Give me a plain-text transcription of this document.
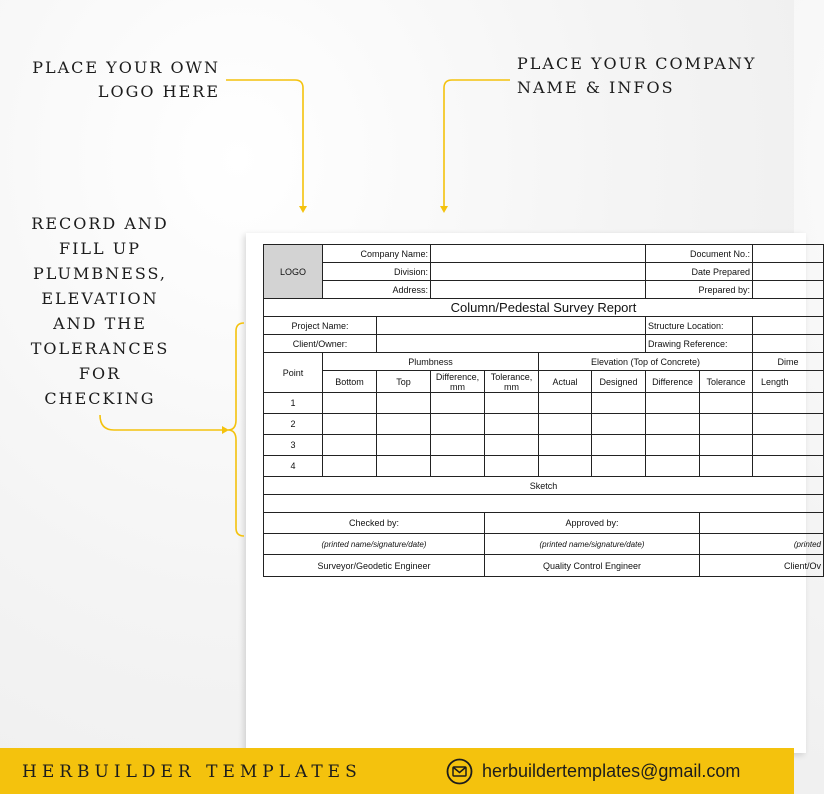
PLACE YOUR OWN
LOGO HERE
PLACE YOUR COMPANY
NAME & INFOS
RECORD AND
FILL UP
PLUMBNESS,
ELEVATION
AND THE
TOLERANCES
FOR
CHECKING
LOGO	Company Name:						Document No.:		
	Division:						Date Prepared		
	Address:						Prepared by:		
Column/Pedestal Survey Report									
Project Name:							Structure Location:		
Client/Owner:							Drawing Reference:		
Point	Plumbness				Elevation (Top of Concrete)				Dime
	Bottom	Top	Difference, mm	Tolerance, mm	Actual	Designed	Difference	Tolerance	Length
1									
2									
3									
4									
Sketch									

Checked by:				Approved by:					
(printed name/signature/date)				(printed name/signature/date)				(printed	
Surveyor/Geodetic Engineer				Quality Control Engineer				Client/Ov	
HERBUILDER TEMPLATES	herbuildertemplates@gmail.com
